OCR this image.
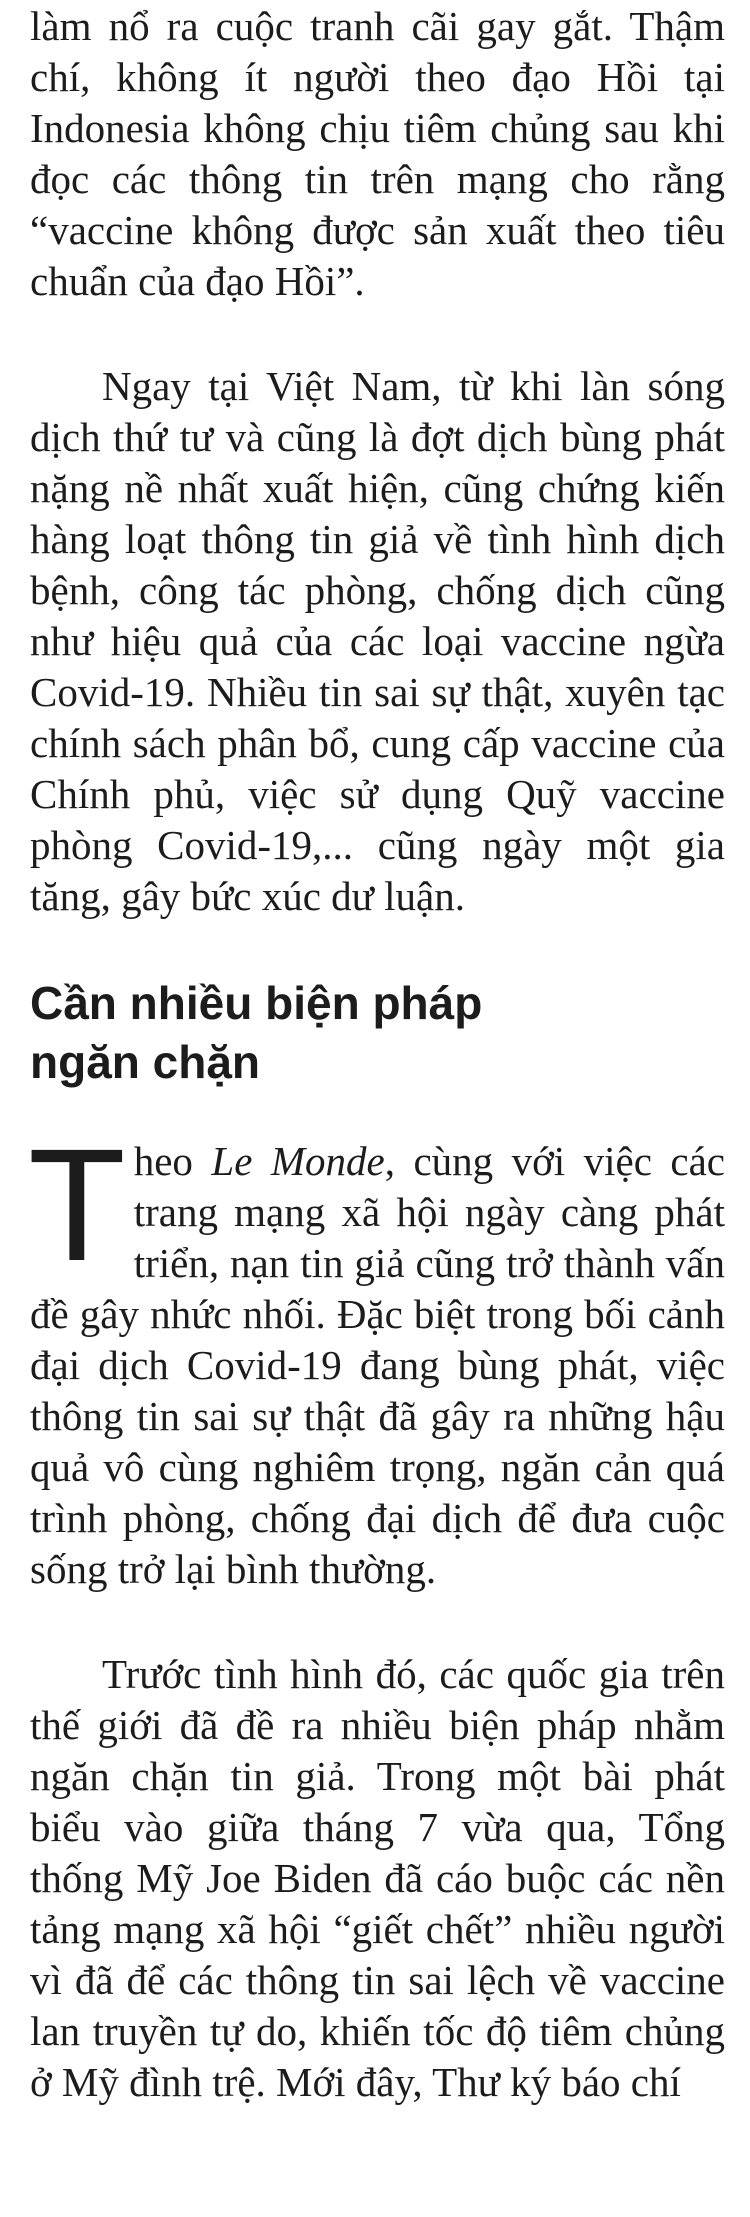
làm nổ ra cuộc tranh cãi gay gắt. Thậm chí, không ít người theo đạo Hồi tại Indonesia không chịu tiêm chủng sau khi đọc các thông tin trên mạng cho rằng “vaccine không được sản xuất theo tiêu chuẩn của đạo Hồi”.

Ngay tại Việt Nam, từ khi làn sóng dịch thứ tư và cũng là đợt dịch bùng phát nặng nề nhất xuất hiện, cũng chứng kiến hàng loạt thông tin giả về tình hình dịch bệnh, công tác phòng, chống dịch cũng như hiệu quả của các loại vaccine ngừa Covid-19. Nhiều tin sai sự thật, xuyên tạc chính sách phân bổ, cung cấp vaccine của Chính phủ, việc sử dụng Quỹ vaccine phòng Covid-19,... cũng ngày một gia tăng, gây bức xúc dư luận.

Cần nhiều biện pháp
ngăn chặn

Theo Le Monde, cùng với việc các trang mạng xã hội ngày càng phát triển, nạn tin giả cũng trở thành vấn đề gây nhức nhối. Đặc biệt trong bối cảnh đại dịch Covid-19 đang bùng phát, việc thông tin sai sự thật đã gây ra những hậu quả vô cùng nghiêm trọng, ngăn cản quá trình phòng, chống đại dịch để đưa cuộc sống trở lại bình thường.

Trước tình hình đó, các quốc gia trên thế giới đã đề ra nhiều biện pháp nhằm ngăn chặn tin giả. Trong một bài phát biểu vào giữa tháng 7 vừa qua, Tổng thống Mỹ Joe Biden đã cáo buộc các nền tảng mạng xã hội “giết chết” nhiều người vì đã để các thông tin sai lệch về vaccine lan truyền tự do, khiến tốc độ tiêm chủng ở Mỹ đình trệ. Mới đây, Thư ký báo chí
